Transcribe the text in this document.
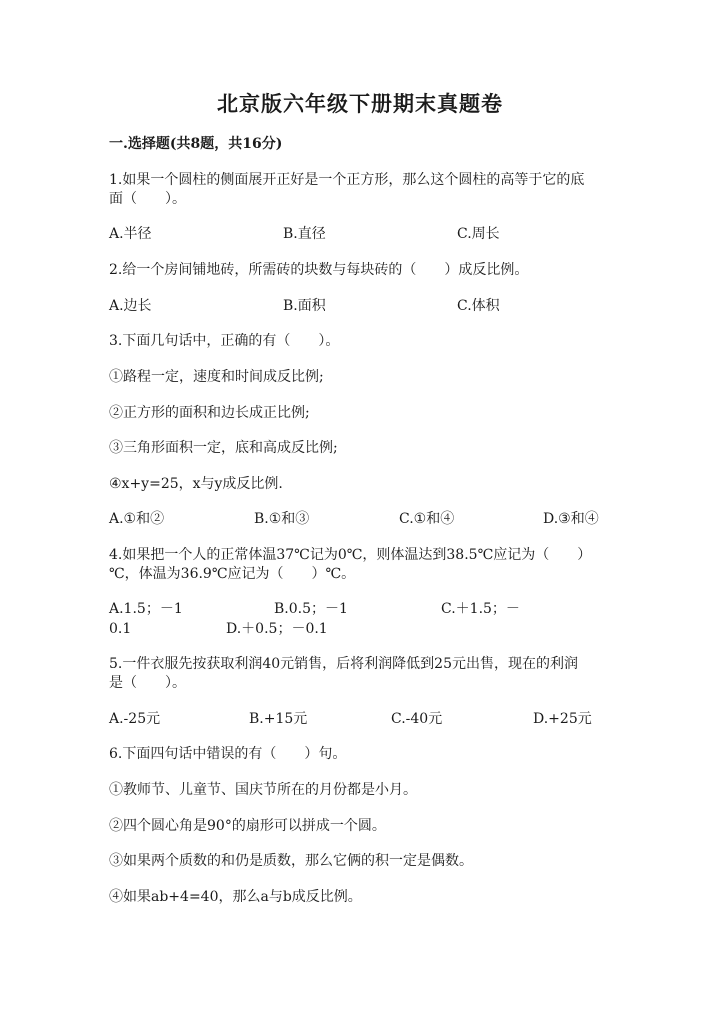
北京版六年级下册期末真题卷
一.选择题(共8题，共16分)
1.如果一个圆柱的侧面展开正好是一个正方形，那么这个圆柱的高等于它的底
面（　　）。
A.半径	B.直径	C.周长
2.给一个房间铺地砖，所需砖的块数与每块砖的（　　）成反比例。
A.边长	B.面积	C.体积
3.下面几句话中，正确的有（　　）。
①路程一定，速度和时间成反比例;
②正方形的面积和边长成正比例;
③三角形面积一定，底和高成反比例;
④x+y=25，x与y成反比例.
A.①和②	B.①和③	C.①和④	D.③和④
4.如果把一个人的正常体温37℃记为0℃，则体温达到38.5℃应记为（　　）
℃，体温为36.9℃应记为（　　）℃。
A.1.5；－1	B.0.5；－1	C.＋1.5；－
0.1	D.＋0.5；－0.1
5.一件衣服先按获取利润40元销售，后将利润降低到25元出售，现在的利润
是（　　）。
A.-25元	B.+15元	C.-40元	D.+25元
6.下面四句话中错误的有（　　）句。
①教师节、儿童节、国庆节所在的月份都是小月。
②四个圆心角是90°的扇形可以拼成一个圆。
③如果两个质数的和仍是质数，那么它俩的积一定是偶数。
④如果ab+4=40，那么a与b成反比例。
